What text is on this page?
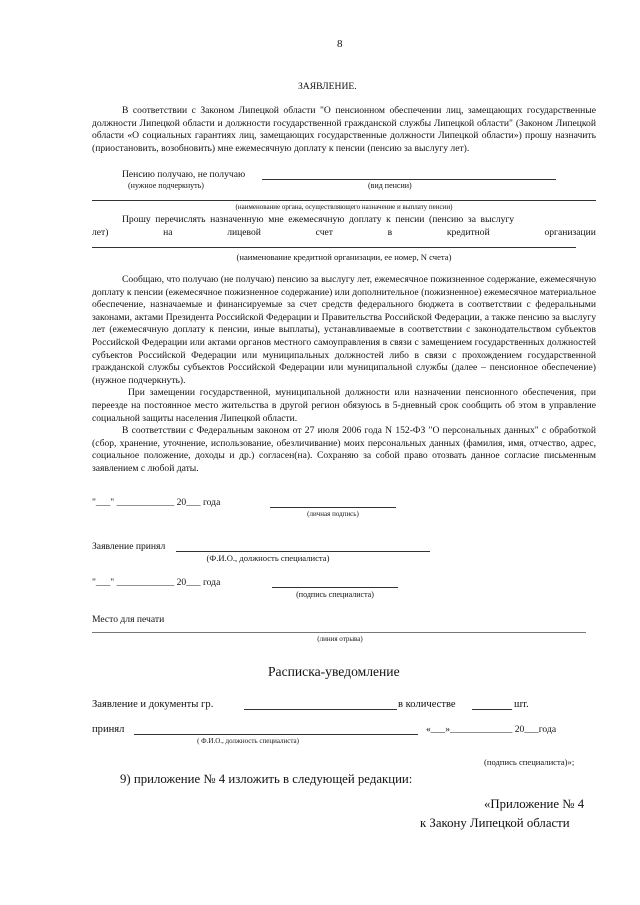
8
ЗАЯВЛЕНИЕ.

В соответствии с Законом Липецкой области "О пенсионном обеспечении лиц, замещающих государственные должности Липецкой области и должности государственной гражданской службы Липецкой области" (Законом Липецкой области «О социальных гарантиях лиц, замещающих государственные должности Липецкой области») прошу назначить (приостановить, возобновить) мне ежемесячную доплату к пенсии (пенсию за выслугу лет).

Пенсию получаю, не получаю
(нужное подчеркнуть)	(вид пенсии)
(наименование органа, осуществляющего назначение и выплату пенсии)
Прошу перечислять назначенную мне ежемесячную доплату к пенсии (пенсию за выслугу
лет)	на	лицевой	счет	в	кредитной	организации
(наименование кредитной организации, ее номер, N счета)

Сообщаю, что получаю (не получаю) пенсию за выслугу лет, ежемесячное пожизненное содержание, ежемесячную доплату к пенсии (ежемесячное пожизненное содержание) или дополнительное (пожизненное) ежемесячное материальное обеспечение, назначаемые и финансируемые за счет средств федерального бюджета в соответствии с федеральными законами, актами Президента Российской Федерации и Правительства Российской Федерации, а также пенсию за выслугу лет (ежемесячную доплату к пенсии, иные выплаты), устанавливаемые в соответствии с законодательством субъектов Российской Федерации или актами органов местного самоуправления в связи с замещением государственных должностей субъектов Российской Федерации или муниципальных должностей либо в связи с прохождением государственной гражданской службы субъектов Российской Федерации или муниципальной службы (далее – пенсионное обеспечение) (нужное подчеркнуть).

При замещении государственной, муниципальной должности или назначении пенсионного обеспечения, при переезде на постоянное место жительства в другой регион обязуюсь в 5-дневный срок сообщить об этом в управление социальной защиты населения Липецкой области.

В соответствии с Федеральным законом от 27 июля 2006 года N 152-ФЗ "О персональных данных" с обработкой (сбор, хранение, уточнение, использование, обезличивание) моих персональных данных (фамилия, имя, отчество, адрес, социальное положение, доходы и др.) согласен(на). Сохраняю за собой право отозвать данное согласие письменным заявлением с любой даты.

"___" ____________ 20___ года
(личная подпись)
Заявление принял
(Ф.И.О., должность специалиста)
"___" ____________ 20___ года
(подпись специалиста)
Место для печати
(линия отрыва)
Расписка-уведомление
Заявление и документы гр.	в количестве	шт.
принял	«___»_____________ 20___года
( Ф.И.О., должность специалиста)
(подпись специалиста)»;
9) приложение № 4 изложить в следующей редакции:
«Приложение № 4
к Закону Липецкой области
